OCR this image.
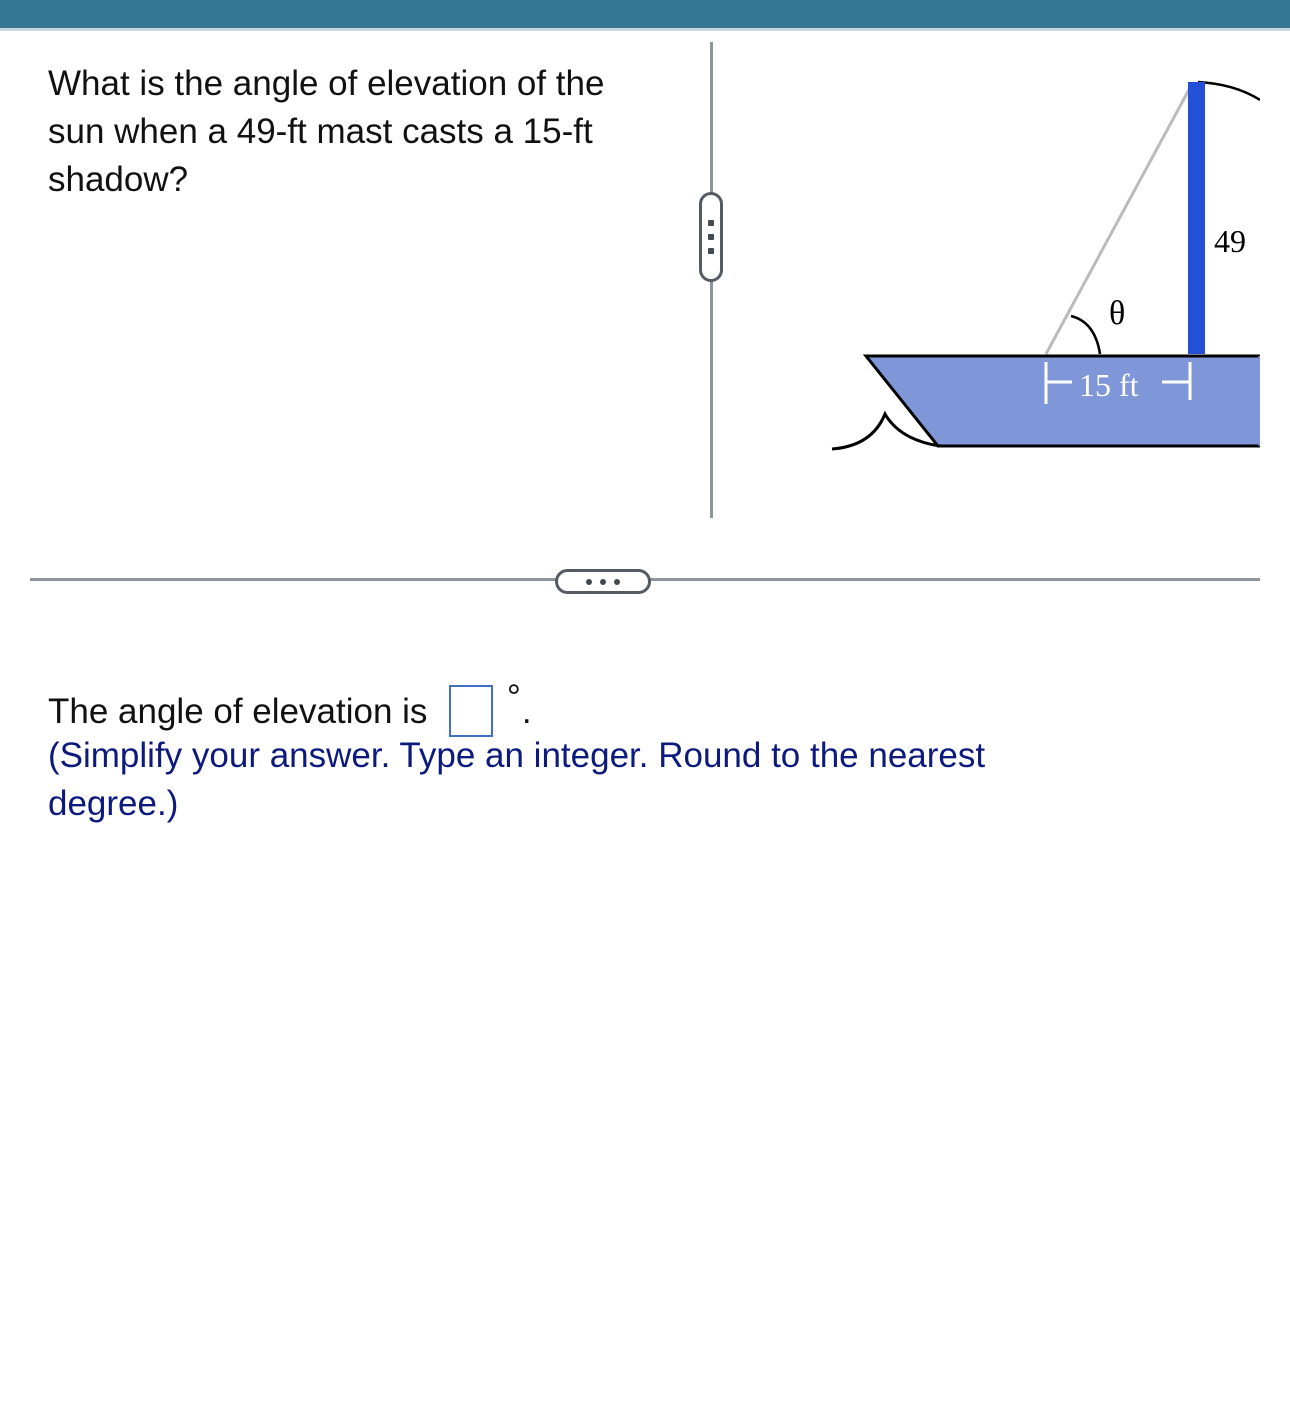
What is the angle of elevation of the sun when a 49-ft mast casts a 15-ft shadow?
49
θ
15 ft
The angle of elevation is °.
(Simplify your answer. Type an integer. Round to the nearest degree.)
